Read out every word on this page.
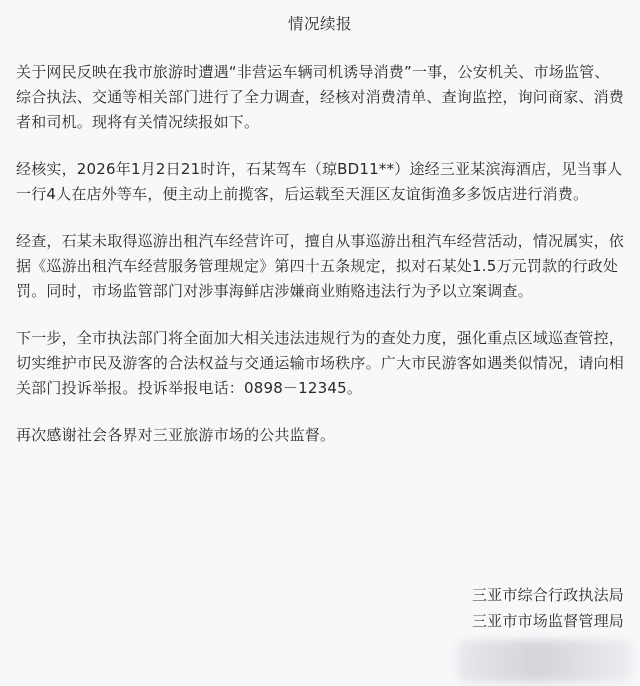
情况续报

关于网民反映在我市旅游时遭遇“非营运车辆司机诱导消费”一事，公安机关、市场监管、综合执法、交通等相关部门进行了全力调查，经核对消费清单、查询监控，询问商家、消费者和司机。现将有关情况续报如下。

经核实，2026年1月2日21时许，石某驾车（琼BD11**）途经三亚某滨海酒店，见当事人一行4人在店外等车，便主动上前揽客，后运载至天涯区友谊街渔多多饭店进行消费。

经查，石某未取得巡游出租汽车经营许可，擅自从事巡游出租汽车经营活动，情况属实，依据《巡游出租汽车经营服务管理规定》第四十五条规定，拟对石某处1.5万元罚款的行政处罚。同时，市场监管部门对涉事海鲜店涉嫌商业贿赂违法行为予以立案调查。

下一步，全市执法部门将全面加大相关违法违规行为的查处力度，强化重点区域巡查管控，切实维护市民及游客的合法权益与交通运输市场秩序。广大市民游客如遇类似情况，请向相关部门投诉举报。投诉举报电话：0898－12345。

再次感谢社会各界对三亚旅游市场的公共监督。

三亚市综合行政执法局
三亚市市场监督管理局
